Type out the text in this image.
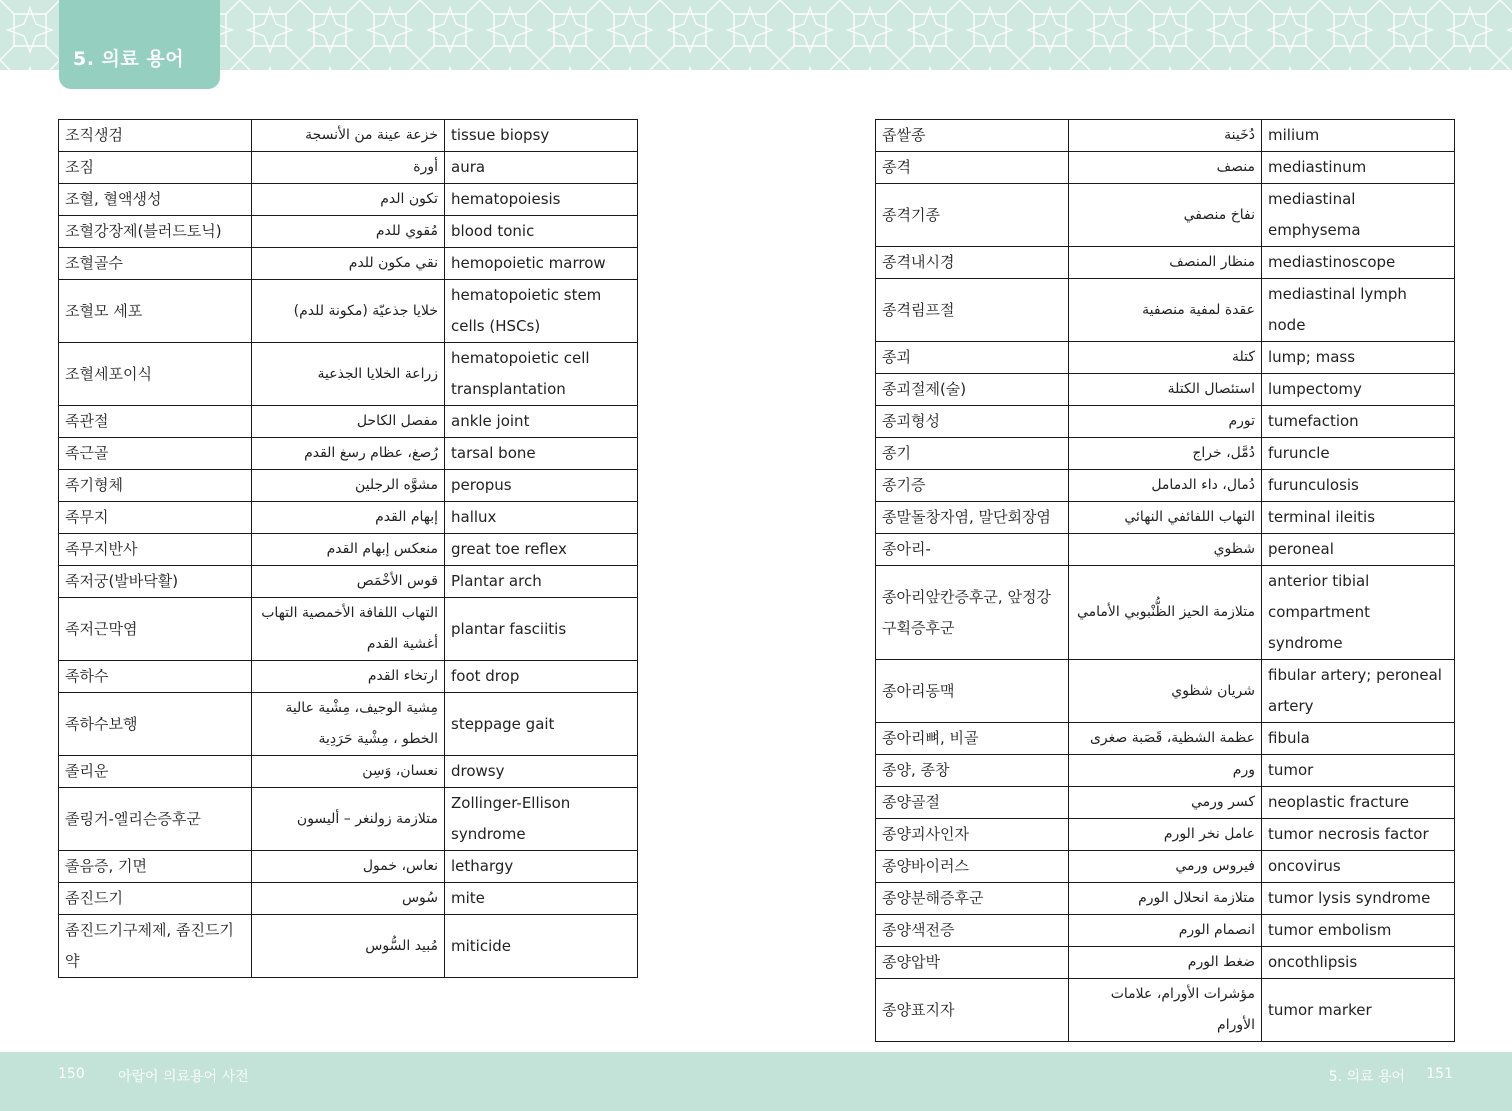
5. 의료 용어
조직생검	خزعة عينة من الأنسجة	tissue biopsy
조짐	أورة	aura
조혈, 혈액생성	تكون الدم	hematopoiesis
조혈강장제(블러드토닉)	مُقوي للدم	blood tonic
조혈골수	نقي مكون للدم	hemopoietic marrow
조혈모 세포	خلايا جذعيّة (مكونة للدم)	hematopoietic stem cells (HSCs)
조혈세포이식	زراعة الخلايا الجذعية	hematopoietic cell transplantation
족관절	مفصل الكاحل	ankle joint
족근골	رُصغ، عظام رسغ القدم	tarsal bone
족기형체	مشوَّه الرجلين	peropus
족무지	إبهام القدم	hallux
족무지반사	منعكس إبهام القدم	great toe reflex
족저궁(발바닥활)	قوس الأخْمَص	Plantar arch
족저근막염	التهاب اللفافة الأخمصية التهاب أغشية القدم	plantar fasciitis
족하수	ارتخاء القدم	foot drop
족하수보행	مِشية الوجيف، مِشْية عالية الخطو ، مِشْية حَرَدِية	steppage gait
졸리운	نعسان، وَسِن	drowsy
졸링거-엘리슨증후군	متلازمة زولنغر – أليسون	Zollinger-Ellison syndrome
졸음증, 기면	نعاس، خمول	lethargy
좀진드기	سُوس	mite
좀진드기구제제, 좀진드기약	مُبيد السُّوس	miticide
좁쌀종	دُخَينة	milium
종격	منصف	mediastinum
종격기종	نفاخ منصفي	mediastinal emphysema
종격내시경	منظار المنصف	mediastinoscope
종격림프절	عقدة لمفية منصفية	mediastinal lymph node
종괴	كتلة	lump; mass
종괴절제(술)	استئصال الكتلة	lumpectomy
종괴형성	تورم	tumefaction
종기	دُمَّل، خراج	furuncle
종기증	دُمال، داء الدمامل	furunculosis
종말돌창자염, 말단회장염	التهاب اللفائفي النهائي	terminal ileitis
종아리-	شظوي	peroneal
종아리앞칸증후군, 앞정강구획증후군	متلازمة الحيز الظُّنْبوبي الأمامي	anterior tibial compartment syndrome
종아리동맥	شريان شظوي	fibular artery; peroneal artery
종아리뼈, 비골	عظمة الشظية، قَصَبة صغرى	fibula
종양, 종창	ورم	tumor
종양골절	كسر ورمي	neoplastic fracture
종양괴사인자	عامل نخر الورم	tumor necrosis factor
종양바이러스	فيروس ورمي	oncovirus
종양분해증후군	متلازمة انحلال الورم	tumor lysis syndrome
종양색전증	انصمام الورم	tumor embolism
종양압박	ضغط الورم	oncothlipsis
종양표지자	مؤشرات الأورام، علامات الأورام	tumor marker
150 아랍어 의료용어 사전	5. 의료 용어 151
